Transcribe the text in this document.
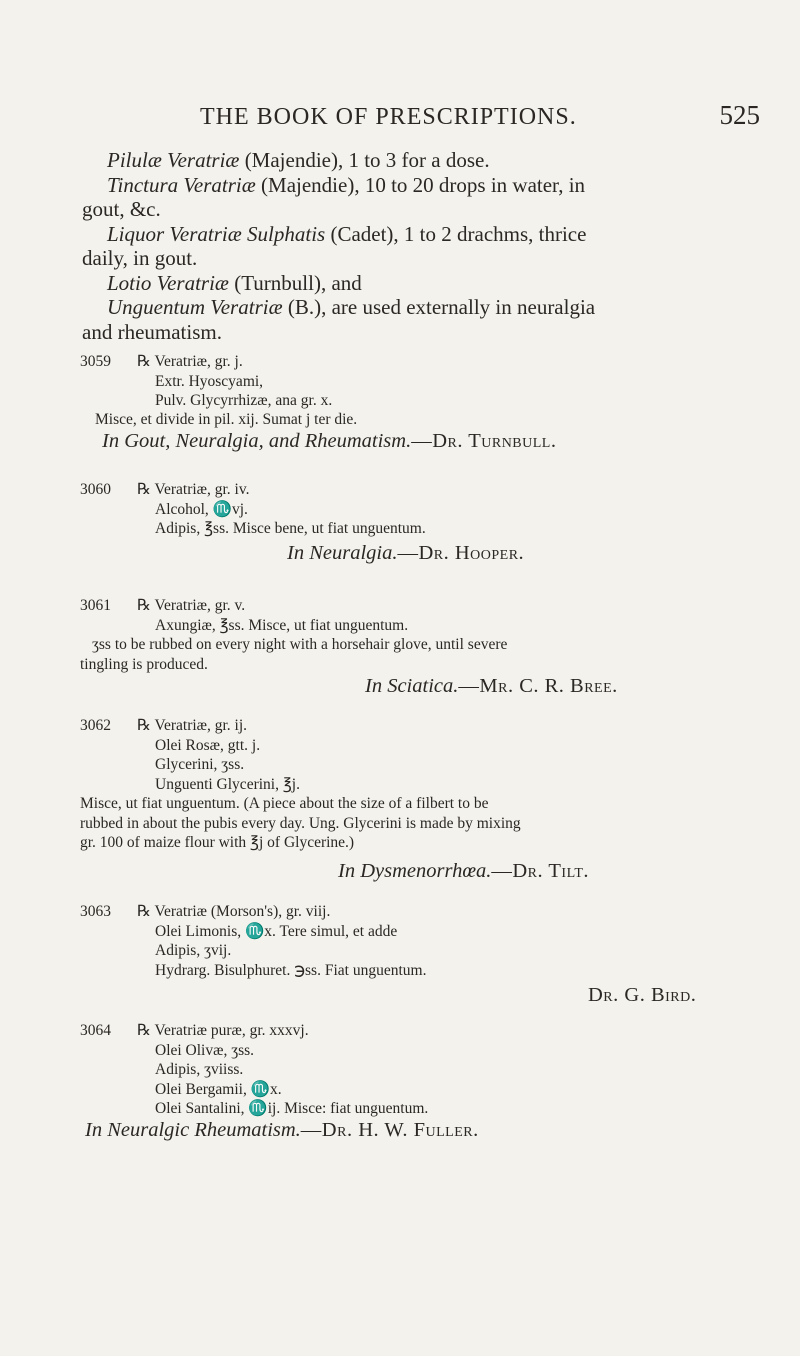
THE BOOK OF PRESCRIPTIONS.	525

Pilulæ Veratriæ (Majendie), 1 to 3 for a dose.

Tinctura Veratriæ (Majendie), 10 to 20 drops in water, in

gout, &c.

Liquor Veratriæ Sulphatis (Cadet), 1 to 2 drachms, thrice

daily, in gout.

Lotio Veratriæ (Turnbull), and

Unguentum Veratriæ (B.), are used externally in neuralgia

and rheumatism.

3059 ℞ Veratriæ, gr. j.
Extr. Hyoscyami,
Pulv. Glycyrrhizæ, ana gr. x.
Misce, et divide in pil. xij. Sumat j ter die.
In Gout, Neuralgia, and Rheumatism.—Dr. Turnbull.
3060 ℞ Veratriæ, gr. iv.
Alcohol, ♏vj.
Adipis, ℥ss. Misce bene, ut fiat unguentum.
In Neuralgia.—Dr. Hooper.
3061 ℞ Veratriæ, gr. v.
Axungiæ, ℥ss. Misce, ut fiat unguentum.
ʒss to be rubbed on every night with a horsehair glove, until severe
tingling is produced.
In Sciatica.—Mr. C. R. Bree.
3062 ℞ Veratriæ, gr. ij.
Olei Rosæ, gtt. j.
Glycerini, ʒss.
Unguenti Glycerini, ℥j.
Misce, ut fiat unguentum. (A piece about the size of a filbert to be
rubbed in about the pubis every day. Ung. Glycerini is made by mixing
gr. 100 of maize flour with ℥j of Glycerine.)
In Dysmenorrhœa.—Dr. Tilt.
3063 ℞ Veratriæ (Morson's), gr. viij.
Olei Limonis, ♏x. Tere simul, et adde
Adipis, ʒvij.
Hydrarg. Bisulphuret. ℈ss. Fiat unguentum.
Dr. G. Bird.
3064 ℞ Veratriæ puræ, gr. xxxvj.
Olei Olivæ, ʒss.
Adipis, ʒviiss.
Olei Bergamii, ♏x.
Olei Santalini, ♏ij. Misce: fiat unguentum.
In Neuralgic Rheumatism.—Dr. H. W. Fuller.
